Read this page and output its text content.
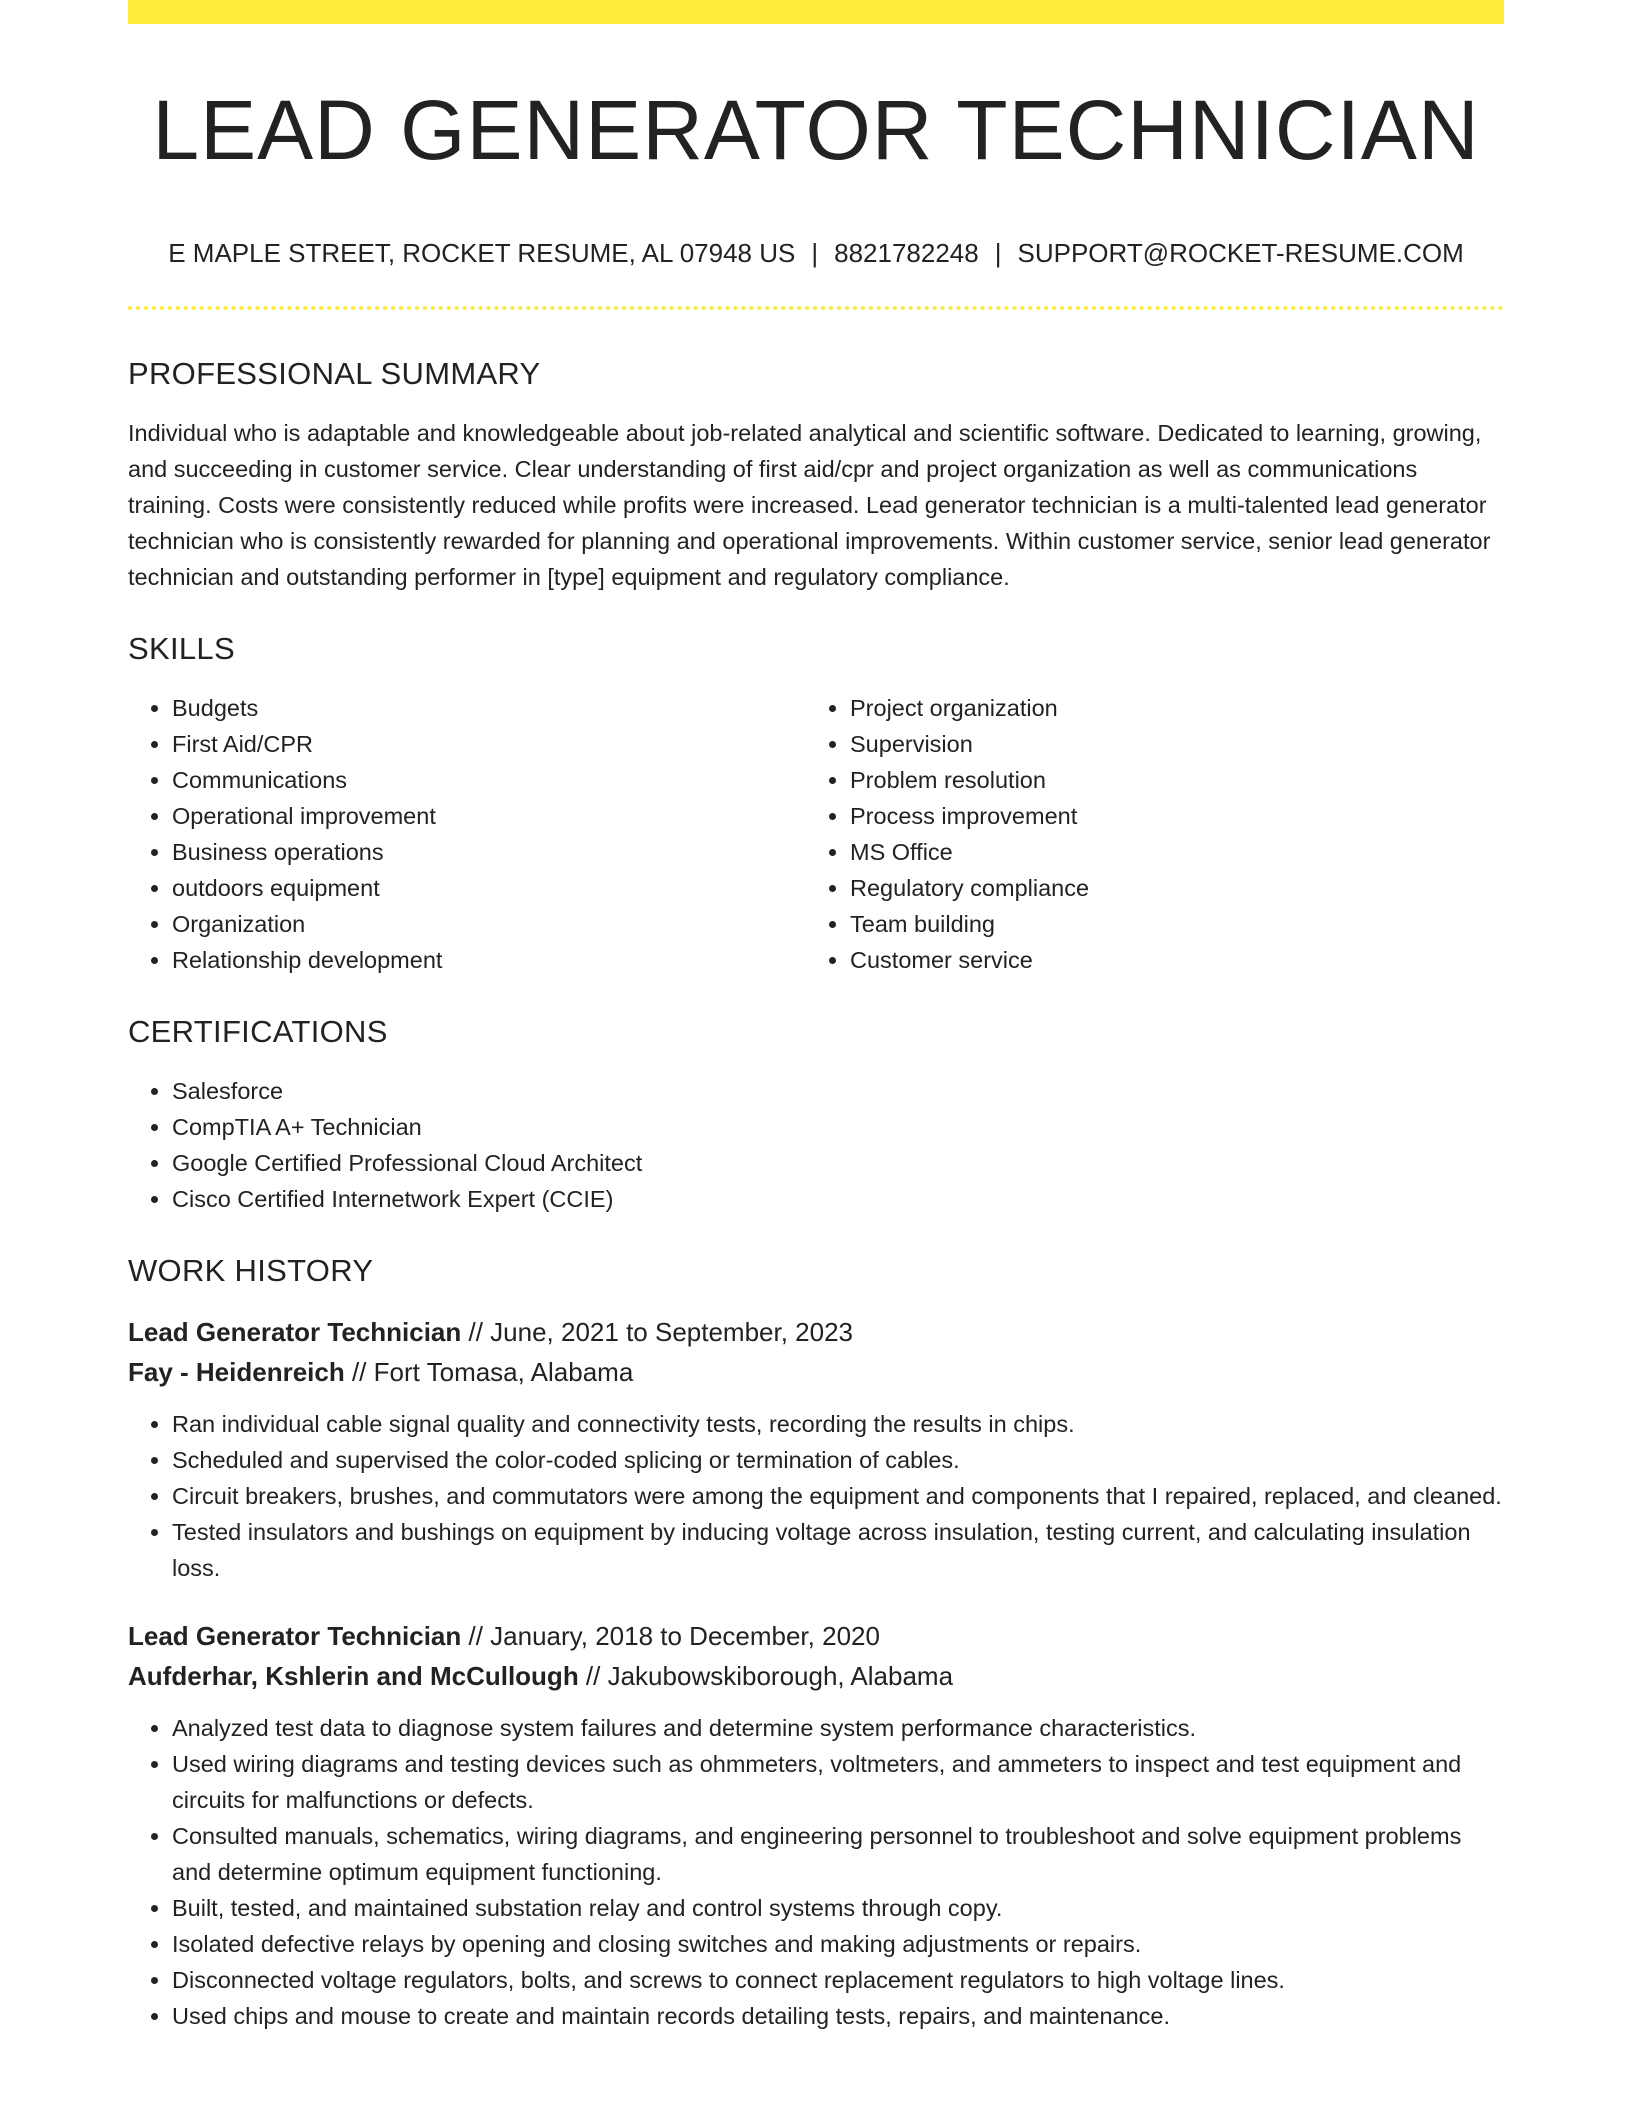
LEAD GENERATOR TECHNICIAN
E MAPLE STREET, ROCKET RESUME, AL 07948 US | 8821782248 | SUPPORT@ROCKET-RESUME.COM
PROFESSIONAL SUMMARY

Individual who is adaptable and knowledgeable about job-related analytical and scientific software. Dedicated to learning, growing, and succeeding in customer service. Clear understanding of first aid/cpr and project organization as well as communications training. Costs were consistently reduced while profits were increased. Lead generator technician is a multi-talented lead generator technician who is consistently rewarded for planning and operational improvements. Within customer service, senior lead generator technician and outstanding performer in [type] equipment and regulatory compliance.

SKILLS
• Budgets
• First Aid/CPR
• Communications
• Operational improvement
• Business operations
• outdoors equipment
• Organization
• Relationship development
• Project organization
• Supervision
• Problem resolution
• Process improvement
• MS Office
• Regulatory compliance
• Team building
• Customer service
CERTIFICATIONS
• Salesforce
• CompTIA A+ Technician
• Google Certified Professional Cloud Architect
• Cisco Certified Internetwork Expert (CCIE)
WORK HISTORY
Lead Generator Technician // June, 2021 to September, 2023
Fay - Heidenreich // Fort Tomasa, Alabama
• Ran individual cable signal quality and connectivity tests, recording the results in chips.
• Scheduled and supervised the color-coded splicing or termination of cables.
• Circuit breakers, brushes, and commutators were among the equipment and components that I repaired, replaced, and cleaned.
• Tested insulators and bushings on equipment by inducing voltage across insulation, testing current, and calculating insulation loss.
Lead Generator Technician // January, 2018 to December, 2020
Aufderhar, Kshlerin and McCullough // Jakubowskiborough, Alabama
• Analyzed test data to diagnose system failures and determine system performance characteristics.
• Used wiring diagrams and testing devices such as ohmmeters, voltmeters, and ammeters to inspect and test equipment and circuits for malfunctions or defects.
• Consulted manuals, schematics, wiring diagrams, and engineering personnel to troubleshoot and solve equipment problems and determine optimum equipment functioning.
• Built, tested, and maintained substation relay and control systems through copy.
• Isolated defective relays by opening and closing switches and making adjustments or repairs.
• Disconnected voltage regulators, bolts, and screws to connect replacement regulators to high voltage lines.
• Used chips and mouse to create and maintain records detailing tests, repairs, and maintenance.
